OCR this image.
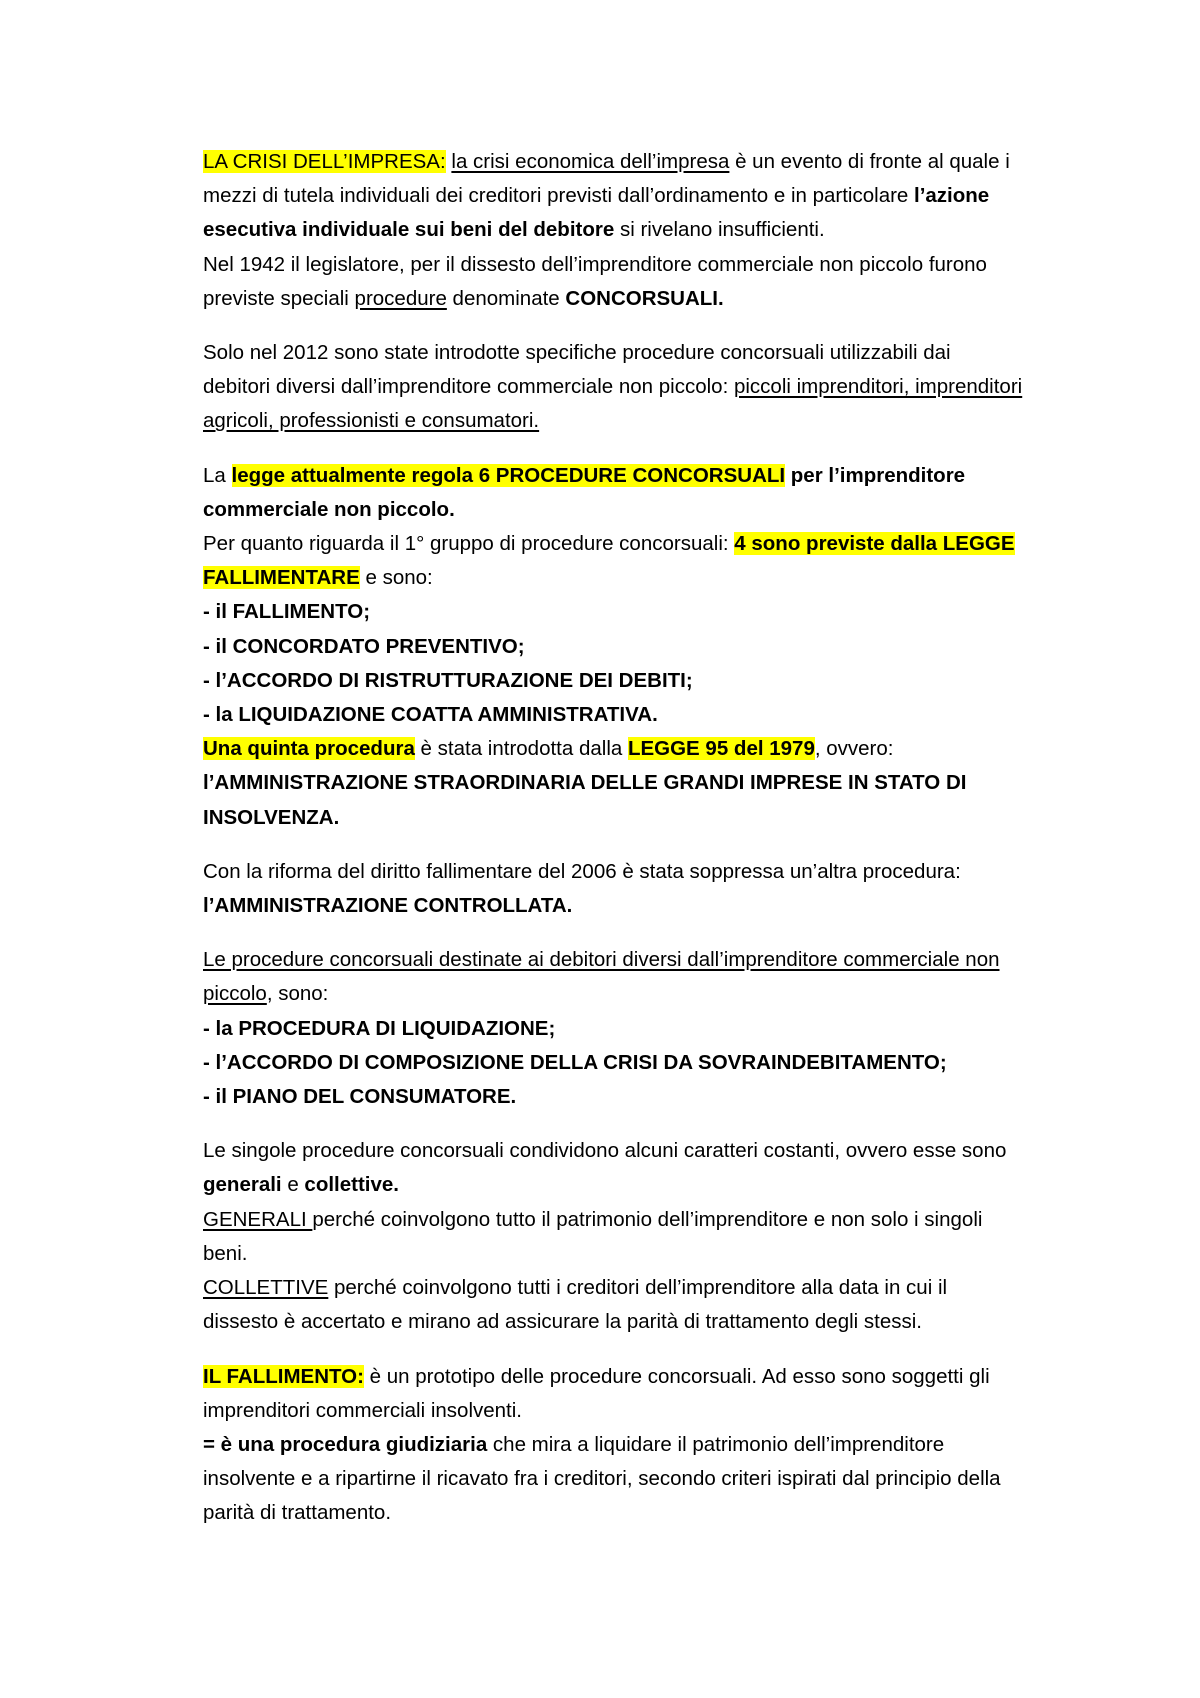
LA CRISI DELL’IMPRESA: la crisi economica dell’impresa è un evento di fronte al quale i mezzi di tutela individuali dei creditori previsti dall’ordinamento e in particolare l’azione esecutiva individuale sui beni del debitore si rivelano insufficienti.

Nel 1942 il legislatore, per il dissesto dell’imprenditore commerciale non piccolo furono previste speciali procedure denominate CONCORSUALI.

Solo nel 2012 sono state introdotte specifiche procedure concorsuali utilizzabili dai debitori diversi dall’imprenditore commerciale non piccolo: piccoli imprenditori, imprenditori agricoli, professionisti e consumatori.

La legge attualmente regola 6 PROCEDURE CONCORSUALI per l’imprenditore commerciale non piccolo.

Per quanto riguarda il 1° gruppo di procedure concorsuali: 4 sono previste dalla LEGGE FALLIMENTARE e sono:

- il FALLIMENTO;
- il CONCORDATO PREVENTIVO;
- l’ACCORDO DI RISTRUTTURAZIONE DEI DEBITI;
- la LIQUIDAZIONE COATTA AMMINISTRATIVA.

Una quinta procedura è stata introdotta dalla LEGGE 95 del 1979, ovvero: l’AMMINISTRAZIONE STRAORDINARIA DELLE GRANDI IMPRESE IN STATO DI INSOLVENZA.

Con la riforma del diritto fallimentare del 2006 è stata soppressa un’altra procedura: l’AMMINISTRAZIONE CONTROLLATA.

Le procedure concorsuali destinate ai debitori diversi dall’imprenditore commerciale non piccolo, sono:

- la PROCEDURA DI LIQUIDAZIONE;
- l’ACCORDO DI COMPOSIZIONE DELLA CRISI DA SOVRAINDEBITAMENTO;
- il PIANO DEL CONSUMATORE.

Le singole procedure concorsuali condividono alcuni caratteri costanti, ovvero esse sono generali e collettive.

GENERALI perché coinvolgono tutto il patrimonio dell’imprenditore e non solo i singoli beni.

COLLETTIVE perché coinvolgono tutti i creditori dell’imprenditore alla data in cui il dissesto è accertato e mirano ad assicurare la parità di trattamento degli stessi.

IL FALLIMENTO: è un prototipo delle procedure concorsuali. Ad esso sono soggetti gli imprenditori commerciali insolventi.

= è una procedura giudiziaria che mira a liquidare il patrimonio dell’imprenditore insolvente e a ripartirne il ricavato fra i creditori, secondo criteri ispirati dal principio della parità di trattamento.
